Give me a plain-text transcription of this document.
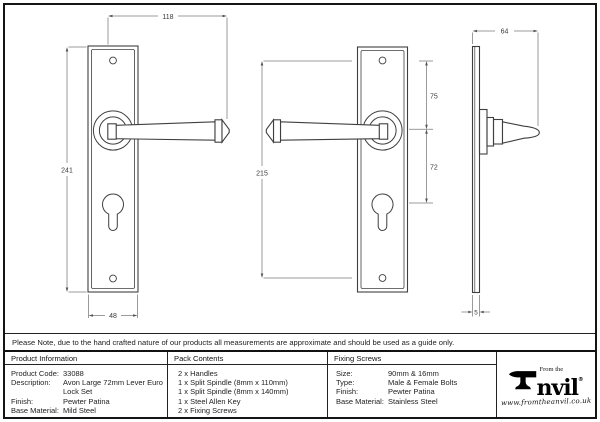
118
241
48
215
75
72
64
5
Please Note, due to the hand crafted nature of our products all measurements are approximate and should be used as a guide only.
Product Information
Product Code: 33088
Description:	Avon Large 72mm Lever Euro
Lock Set
Finish:	Pewter Patina
Base Material: Mild Steel
Pack Contents
2 x Handles
1 x Split Spindle (8mm x 110mm)
1 x Split Spindle (8mm x 140mm)
1 x Steel Allen Key
2 x Fixing Screws
Fixing Screws
Size:	90mm & 16mm
Type:	Male & Female Bolts
Finish:	Pewter Patina
Base Material: Stainless Steel
From the
nvil®
www.fromtheanvil.co.uk
